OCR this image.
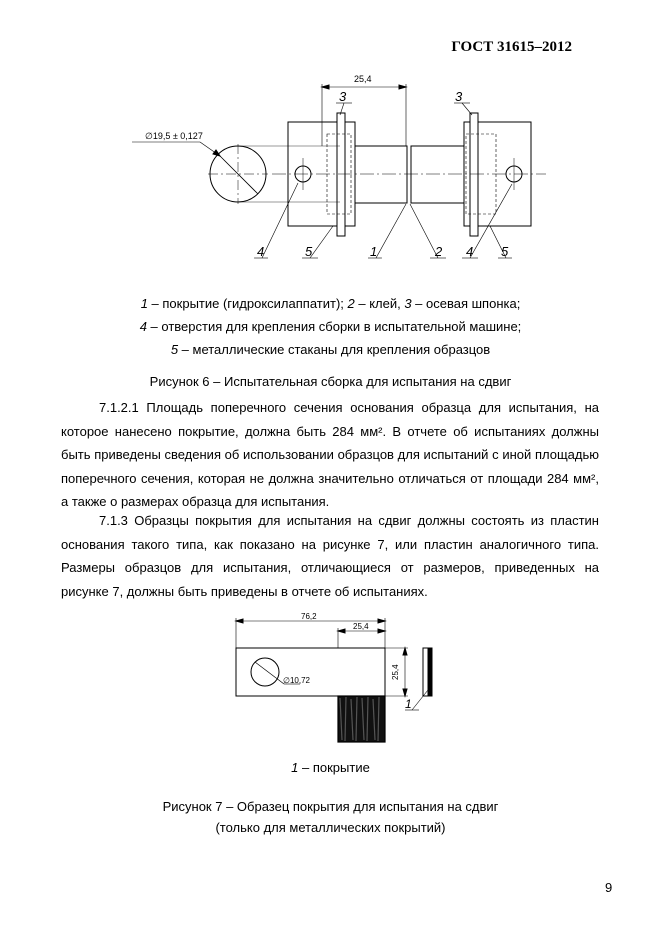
ГОСТ 31615–2012
25,4
∅19,5 ± 0,127
3	3
4	5	1	2 4 5
1 – покрытие (гидроксилаппатит); 2 – клей, 3 – осевая шпонка;
4 – отверстия для крепления сборки в испытательной машине;
5 – металлические стаканы для крепления образцов
Рисунок 6 – Испытательная сборка для испытания на сдвиг

7.1.2.1 Площадь поперечного сечения основания образца для испытания, на которое нанесено покрытие, должна быть 284 мм². В отчете об испытаниях должны быть приведены сведения об использовании образцов для испытаний с иной площадью поперечного сечения, которая не должна значительно отличаться от площади 284 мм², а также о размерах образца для испытания.

7.1.3 Образцы покрытия для испытания на сдвиг должны состоять из пластин основания такого типа, как показано на рисунке 7, или пластин аналогичного типа. Размеры образцов для испытания, отличающиеся от размеров, приведенных на рисунке 7, должны быть приведены в отчете об испытаниях.

76,2
25,4
25,4
∅10,72
1
1 – покрытие
Рисунок 7 – Образец покрытия для испытания на сдвиг
(только для металлических покрытий)
9
